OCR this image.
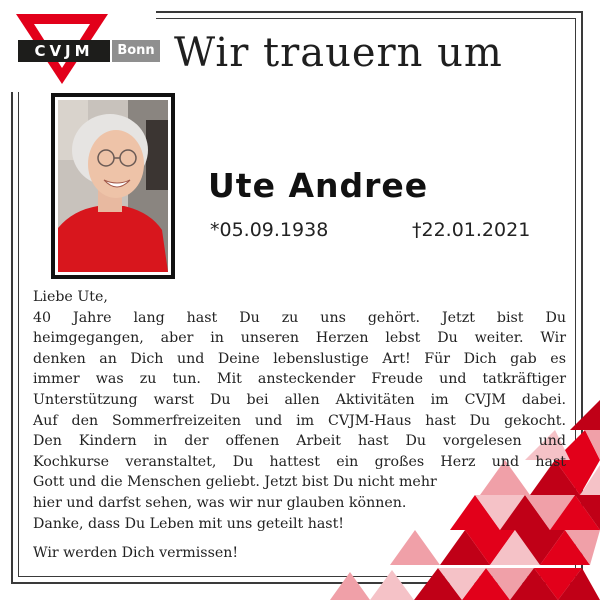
CVJM	Bonn Wir trauern um
Ute Andree
*05.09.1938	†22.01.2021
Liebe Ute,
40 Jahre lang hast Du zu uns gehört. Jetzt bist Du
heimgegangen, aber in unseren Herzen lebst Du weiter. Wir
denken an Dich und Deine lebenslustige Art! Für Dich gab es
immer was zu tun. Mit ansteckender Freude und tatkräftiger
Unterstützung warst Du bei allen Aktivitäten im CVJM dabei.
Auf den Sommerfreizeiten und im CVJM-Haus hast Du gekocht.
Den Kindern in der offenen Arbeit hast Du vorgelesen und
Kochkurse veranstaltet, Du hattest ein großes Herz und hast
Gott und die Menschen geliebt. Jetzt bist Du nicht mehr
hier und darfst sehen, was wir nur glauben können.
Danke, dass Du Leben mit uns geteilt hast!
Wir werden Dich vermissen!
